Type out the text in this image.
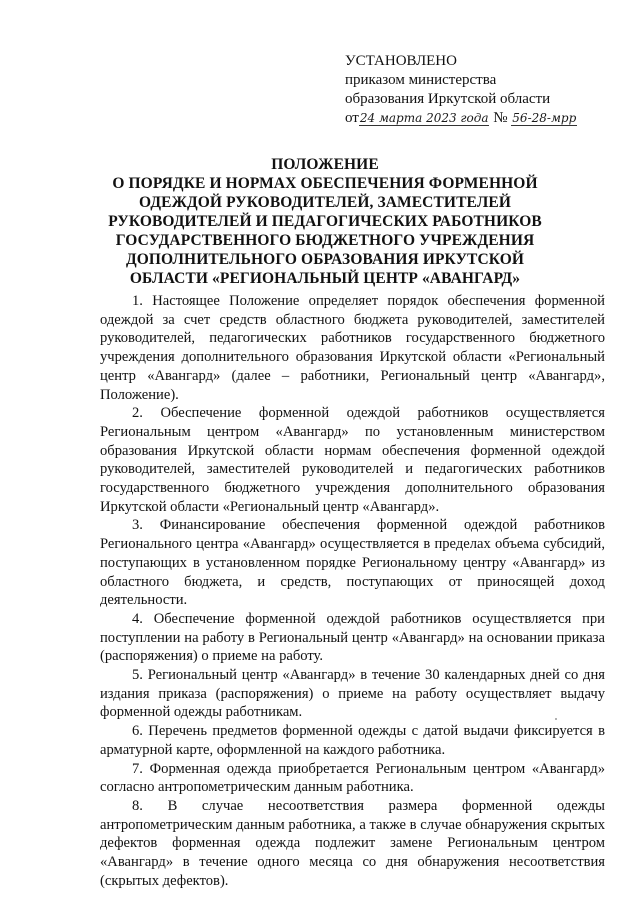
УСТАНОВЛЕНО
приказом министерства
образования Иркутской области
от24 марта 2023 года № 56-28-мрр
ПОЛОЖЕНИЕ
О ПОРЯДКЕ И НОРМАХ ОБЕСПЕЧЕНИЯ ФОРМЕННОЙ ОДЕЖДОЙ РУКОВОДИТЕЛЕЙ, ЗАМЕСТИТЕЛЕЙ РУКОВОДИТЕЛЕЙ И ПЕДАГОГИЧЕСКИХ РАБОТНИКОВ ГОСУДАРСТВЕННОГО БЮДЖЕТНОГО УЧРЕЖДЕНИЯ ДОПОЛНИТЕЛЬНОГО ОБРАЗОВАНИЯ ИРКУТСКОЙ ОБЛАСТИ «РЕГИОНАЛЬНЫЙ ЦЕНТР «АВАНГАРД»

1. Настоящее Положение определяет порядок обеспечения форменной одеждой за счет средств областного бюджета руководителей, заместителей руководителей, педагогических работников государственного бюджетного учреждения дополнительного образования Иркутской области «Региональный центр «Авангард» (далее – работники, Региональный центр «Авангард», Положение).

2. Обеспечение форменной одеждой работников осуществляется Региональным центром «Авангард» по установленным министерством образования Иркутской области нормам обеспечения форменной одеждой руководителей, заместителей руководителей и педагогических работников государственного бюджетного учреждения дополнительного образования Иркутской области «Региональный центр «Авангард».

3. Финансирование обеспечения форменной одеждой работников Регионального центра «Авангард» осуществляется в пределах объема субсидий, поступающих в установленном порядке Региональному центру «Авангард» из областного бюджета, и средств, поступающих от приносящей доход деятельности.

4. Обеспечение форменной одеждой работников осуществляется при поступлении на работу в Региональный центр «Авангард» на основании приказа (распоряжения) о приеме на работу.

5. Региональный центр «Авангард» в течение 30 календарных дней со дня издания приказа (распоряжения) о приеме на работу осуществляет выдачу форменной одежды работникам.

6. Перечень предметов форменной одежды с датой выдачи фиксируется в арматурной карте, оформленной на каждого работника.

7. Форменная одежда приобретается Региональным центром «Авангард» согласно антропометрическим данным работника.

8. В случае несоответствия размера форменной одежды антропометрическим данным работника, а также в случае обнаружения скрытых дефектов форменная одежда подлежит замене Региональным центром «Авангард» в течение одного месяца со дня обнаружения несоответствия (скрытых дефектов).
